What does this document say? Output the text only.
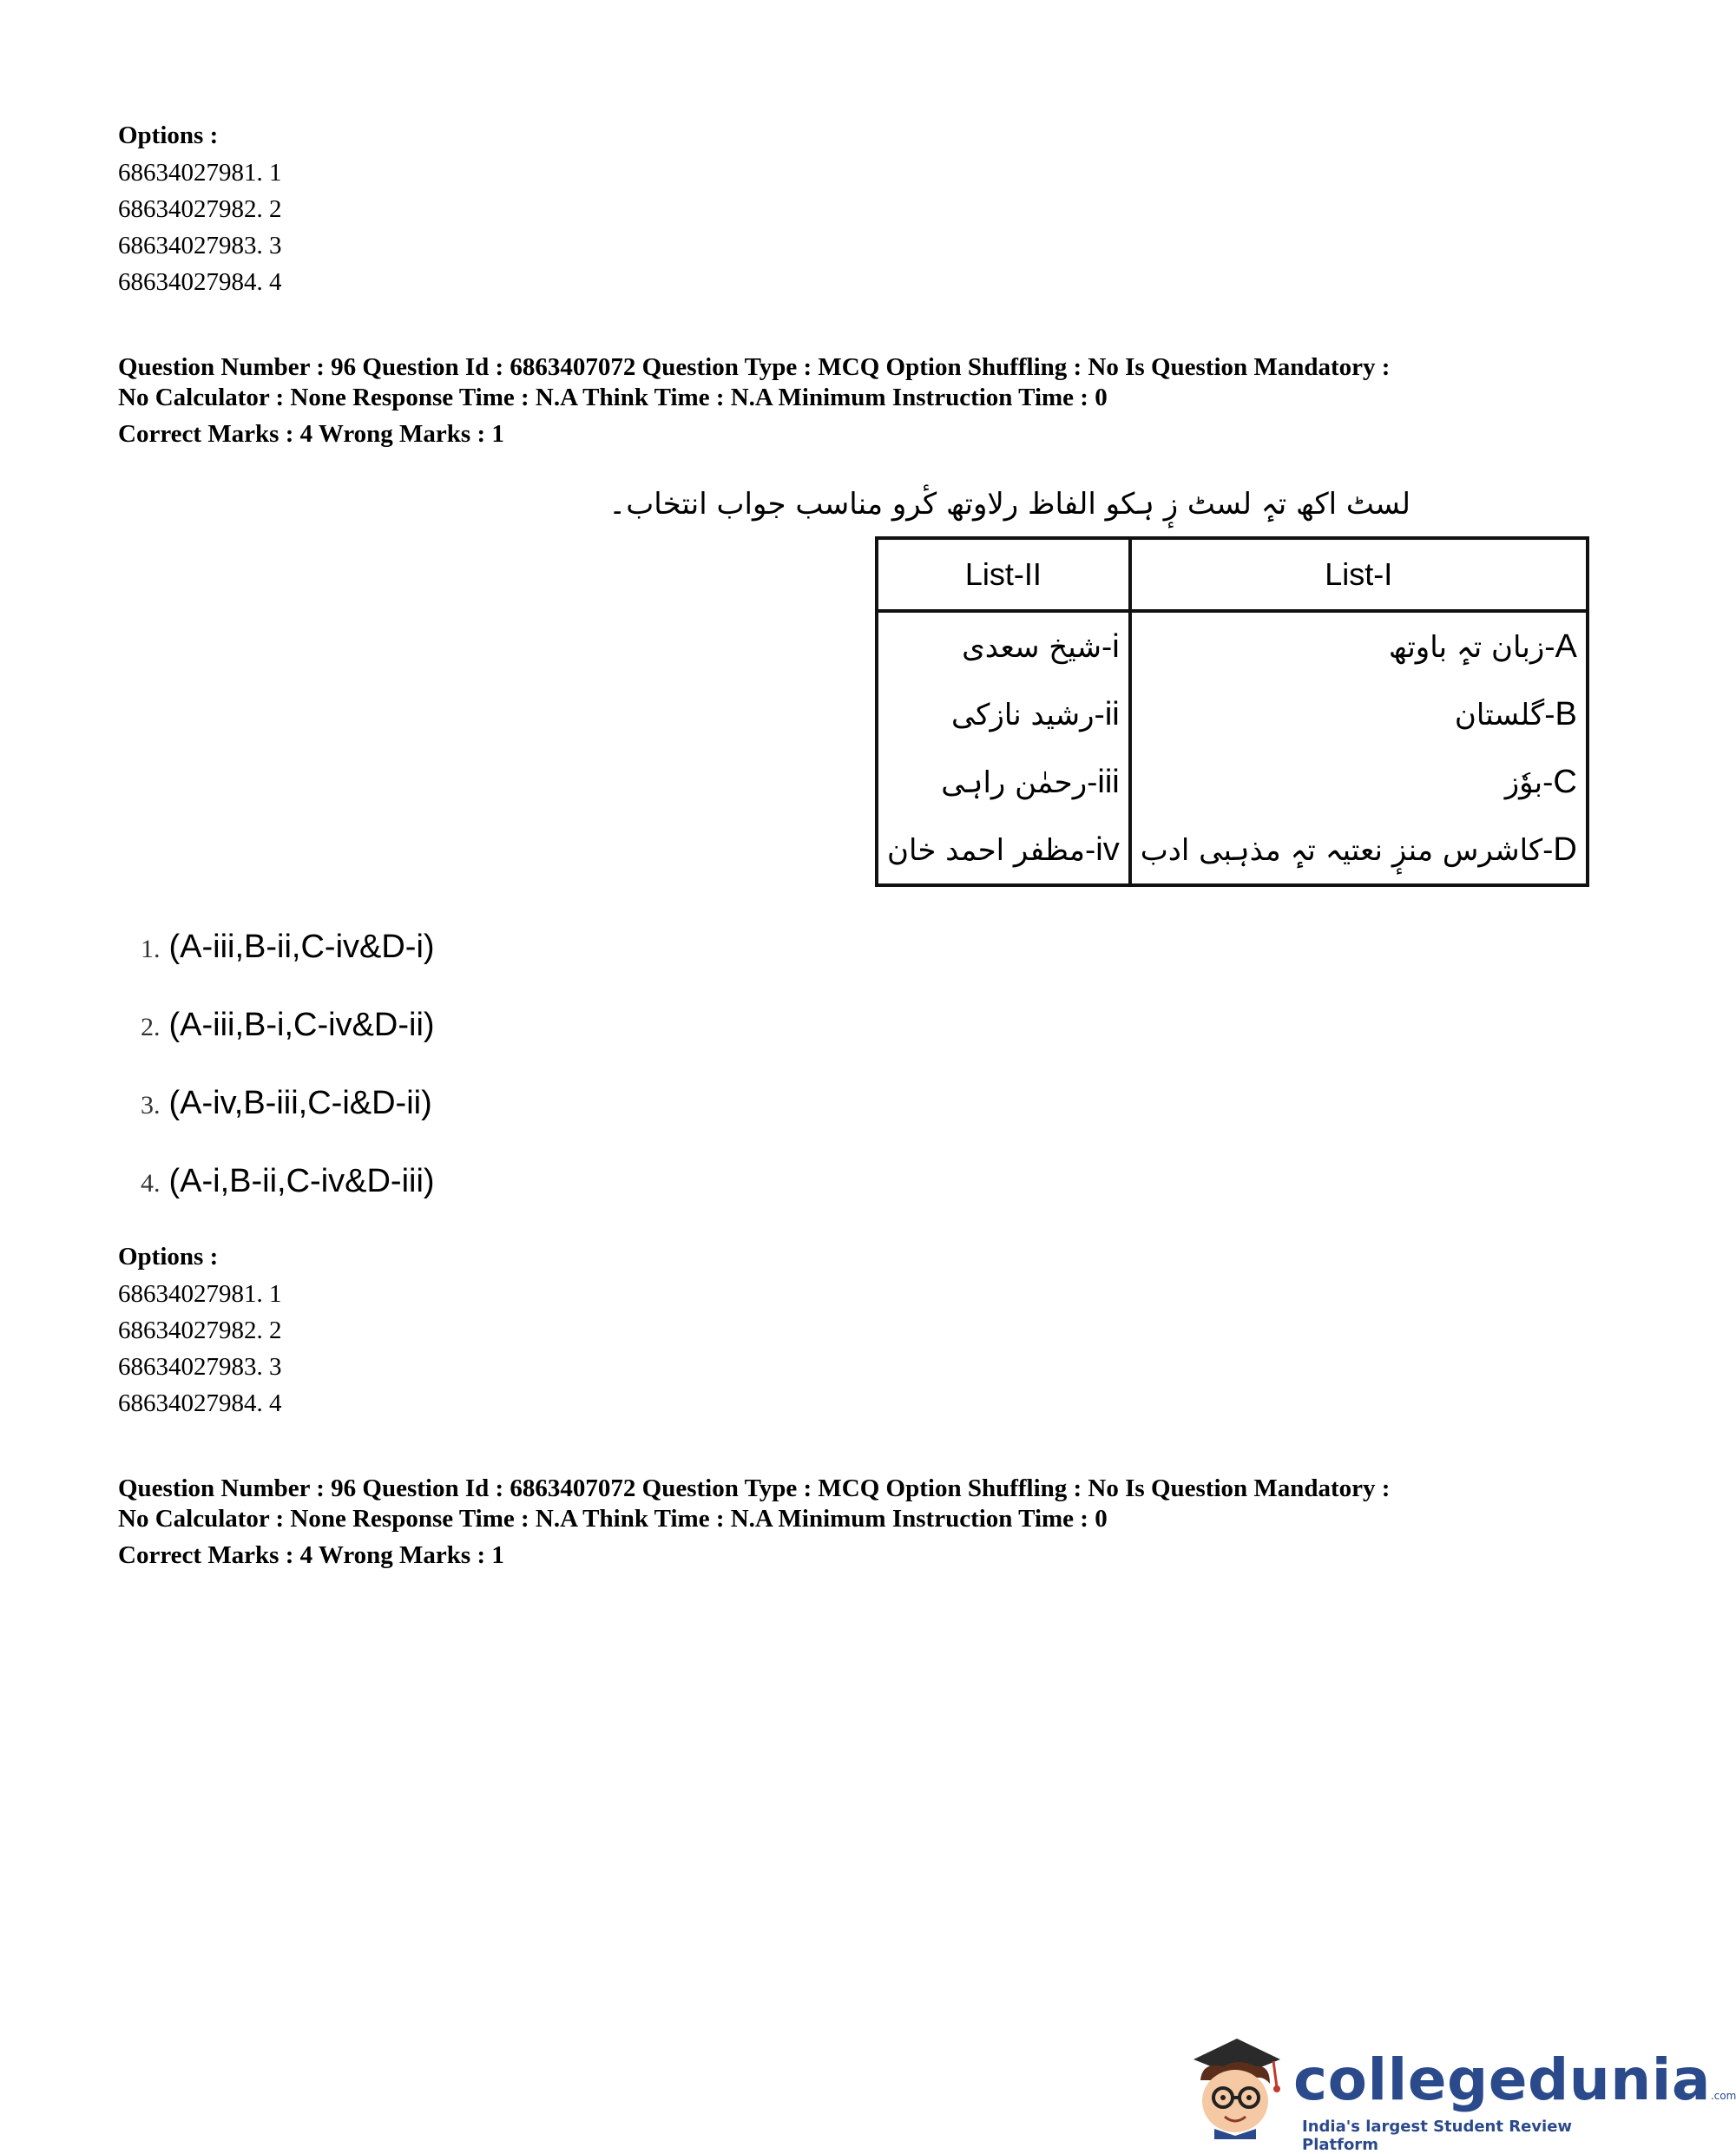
Options :
68634027981. 1
68634027982. 2
68634027983. 3
68634027984. 4
Question Number : 96 Question Id : 6863407072 Question Type : MCQ Option Shuffling : No Is Question Mandatory :
No Calculator : None Response Time : N.A Think Time : N.A Minimum Instruction Time : 0
Correct Marks : 4 Wrong Marks : 1
لسٹ اکھ تہٕ لسٹ زٕ ہکو الفاظ رلاوتھ کٔرو مناسب جواب انتخاب۔
List-II	List-I
i-شیخ سعدی	A-زبان تہٕ باوتھ
ii-رشید نازکی	B-گلستان
iii-رحمٰن راہی	C-بوٗز
iv-مظفر احمد خان	D-کاشرس منزٕ نعتیہ تہٕ مذہبی ادب
1. (A-iii,B-ii,C-iv&D-i)
2. (A-iii,B-i,C-iv&D-ii)
3. (A-iv,B-iii,C-i&D-ii)
4. (A-i,B-ii,C-iv&D-iii)
Options :
68634027981. 1
68634027982. 2
68634027983. 3
68634027984. 4
Question Number : 96 Question Id : 6863407072 Question Type : MCQ Option Shuffling : No Is Question Mandatory :
No Calculator : None Response Time : N.A Think Time : N.A Minimum Instruction Time : 0
Correct Marks : 4 Wrong Marks : 1
collegedunia.com
India's largest Student Review Platform
